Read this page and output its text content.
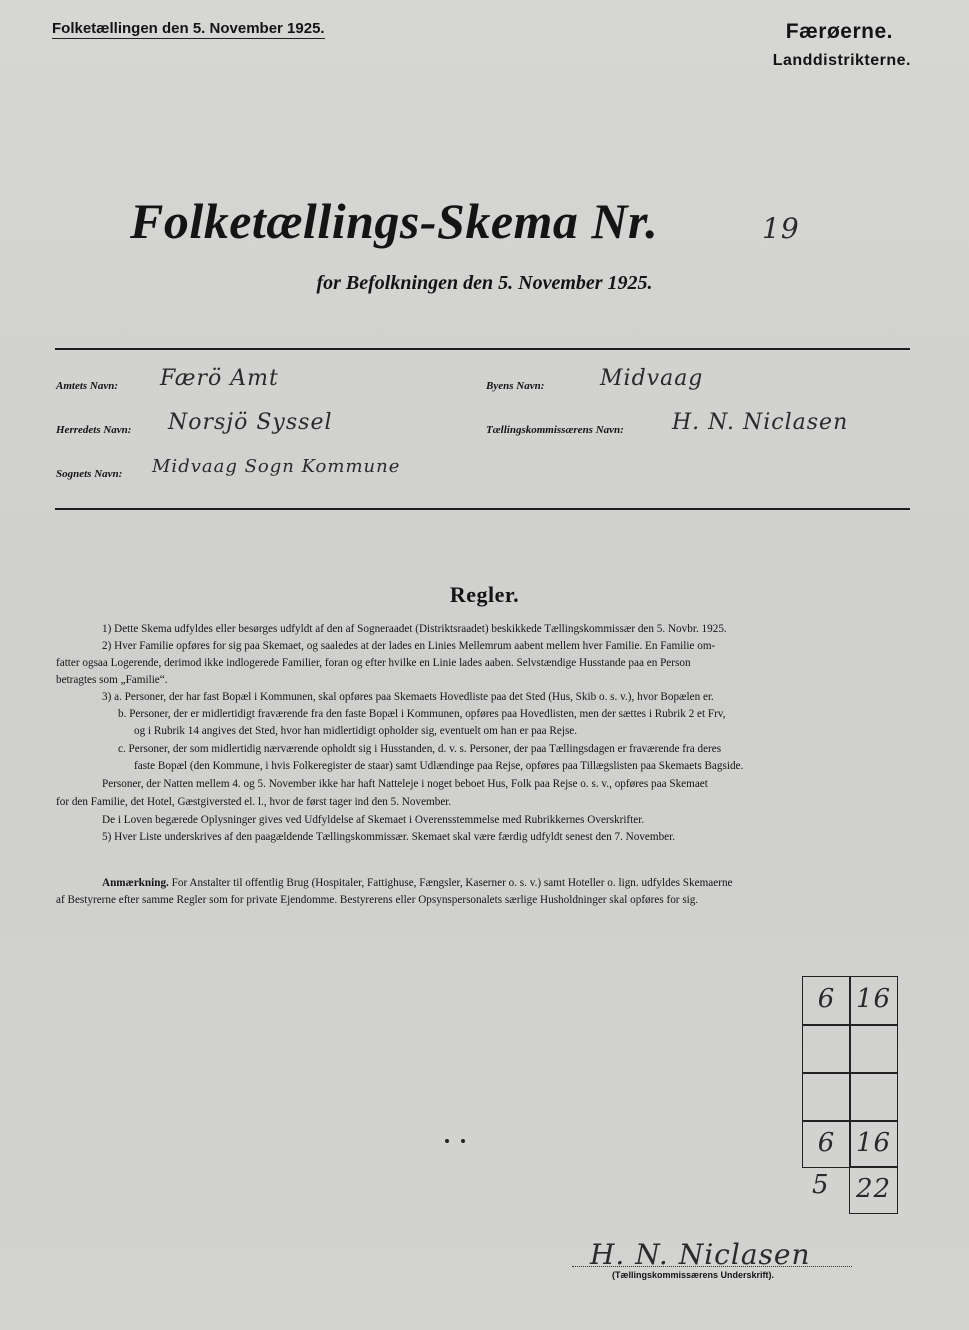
Folketællingen den 5. November 1925.	Færøerne.
Landdistrikterne.
Folketællings-Skema Nr.	19
for Befolkningen den 5. November 1925.
Amtets Navn: Færö Amt	Byens Navn:	Midvaag
Herredets Navn: Norsjö Syssel	Tællingskommissærens Navn: H. N. Niclasen
Sognets Navn: Midvaag Sogn Kommune
Regler.
1) Dette Skema udfyldes eller besørges udfyldt af den af Sogneraadet (Distriktsraadet) beskikkede Tællingskommissær den 5. Novbr. 1925.
2) Hver Familie opføres for sig paa Skemaet, og saaledes at der lades en Linies Mellemrum aabent mellem hver Familie. En Familie om-
fatter ogsaa Logerende, derimod ikke indlogerede Familier, foran og efter hvilke en Linie lades aaben. Selvstændige Husstande paa en Person
betragtes som „Familie“.
3) a. Personer, der har fast Bopæl i Kommunen, skal opføres paa Skemaets Hovedliste paa det Sted (Hus, Skib o. s. v.), hvor Bopælen er.
b. Personer, der er midlertidigt fraværende fra den faste Bopæl i Kommunen, opføres paa Hovedlisten, men der sættes i Rubrik 2 et Frv,
og i Rubrik 14 angives det Sted, hvor han midlertidigt opholder sig, eventuelt om han er paa Rejse.
c. Personer, der som midlertidig nærværende opholdt sig i Husstanden, d. v. s. Personer, der paa Tællingsdagen er fraværende fra deres
faste Bopæl (den Kommune, i hvis Folkeregister de staar) samt Udlændinge paa Rejse, opføres paa Tillægslisten paa Skemaets Bagside.
Personer, der Natten mellem 4. og 5. November ikke har haft Natteleje i noget beboet Hus, Folk paa Rejse o. s. v., opføres paa Skemaet
for den Familie, det Hotel, Gæstgiversted el. l., hvor de først tager ind den 5. November.
De i Loven begærede Oplysninger gives ved Udfyldelse af Skemaet i Overensstemmelse med Rubrikkernes Overskrifter.
5) Hver Liste underskrives af den paagældende Tællingskommissær. Skemaet skal være færdig udfyldt senest den 7. November.
Anmærkning. For Anstalter til offentlig Brug (Hospitaler, Fattighuse, Fængsler, Kaserner o. s. v.) samt Hoteller o. lign. udfyldes Skemaerne
af Bestyrerne efter samme Regler som for private Ejendomme. Bestyrerens eller Opsynspersonalets særlige Husholdninger skal opføres for sig.
6 16
6 16
5 22
H. N. Niclasen
(Tællingskommissærens Underskrift).
